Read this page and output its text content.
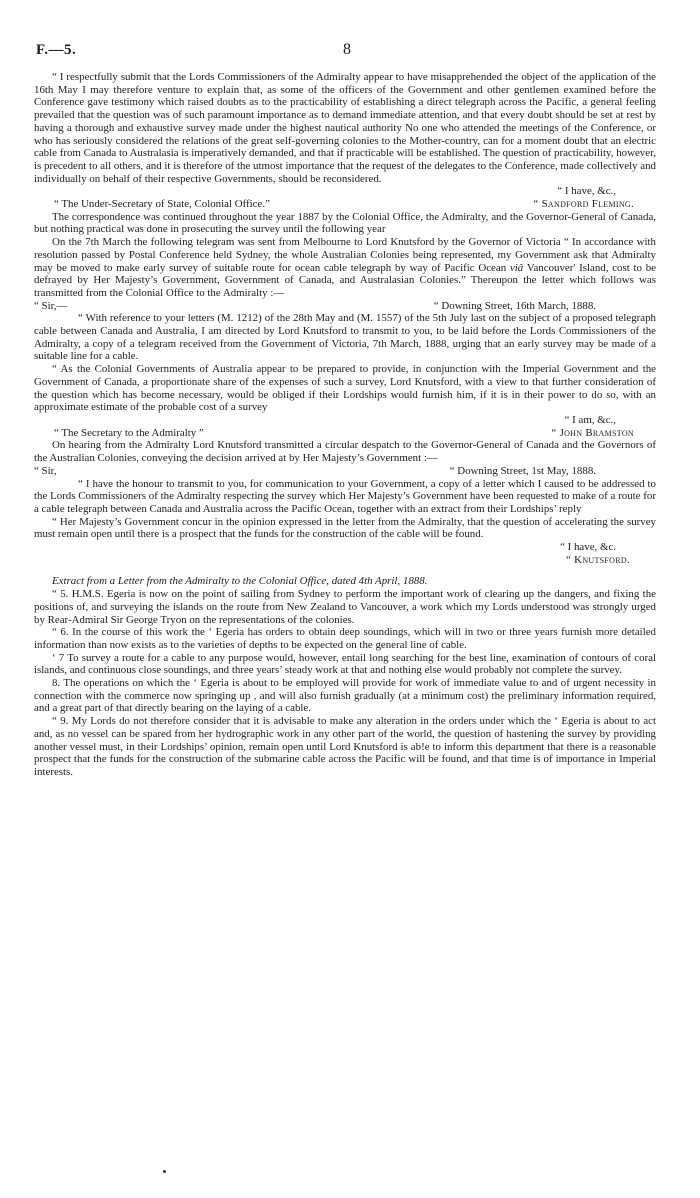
F.—5.	8

“ I respectfully submit that the Lords Commissioners of the Admiralty appear to have misapprehended the object of the application of the 16th May I may therefore venture to explain that, as some of the officers of the Government and other gentlemen examined before the Conference gave testimony which raised doubts as to the practicability of establishing a direct telegraph across the Pacific, a general feeling prevailed that the question was of such paramount importance as to demand immediate attention, and that every doubt should be set at rest by having a thorough and exhaustive survey made under the highest nautical authority No one who attended the meetings of the Conference, or who has seriously considered the relations of the great self-governing colonies to the Mother-country, can for a moment doubt that an electric cable from Canada to Australasia is imperatively demanded, and that if practicable will be established. The question of practicability, however, is precedent to all others, and it is therefore of the utmost importance that the request of the delegates to the Conference, made collectively and individually on behalf of their respective Governments, should be reconsidered.

“ I have, &c.,

“ The Under-Secretary of State, Colonial Office.”	“ Sandford Fleming.

The correspondence was continued throughout the year 1887 by the Colonial Office, the Admiralty, and the Governor-General of Canada, but nothing practical was done in prosecuting the survey until the following year

On the 7th March the following telegram was sent from Melbourne to Lord Knutsford by the Governor of Victoria “ In accordance with resolution passed by Postal Conference held Sydney, the whole Australian Colonies being represented, my Government ask that Admiralty may be moved to make early survey of suitable route for ocean cable telegraph by way of Pacific Ocean viâ Vancouver' Island, cost to be defrayed by Her Majesty’s Government, Government of Canada, and Australasian Colonies.” Thereupon the letter which follows was transmitted from the Colonial Office to the Admiralty :—

“ Sir,—	“ Downing Street, 16th March, 1888.

“ With reference to your letters (M. 1212) of the 28th May and (M. 1557) of the 5th July last on the subject of a proposed telegraph cable between Canada and Australia, I am directed by Lord Knutsford to transmit to you, to be laid before the Lords Commissioners of the Admiralty, a copy of a telegram received from the Government of Victoria, 7th March, 1888, urging that an early survey may be made of a suitable line for a cable.

“ As the Colonial Governments of Australia appear to be prepared to provide, in conjunction with the Imperial Government and the Government of Canada, a proportionate share of the expenses of such a survey, Lord Knutsford, with a view to that further consideration of the question which has become necessary, would be obliged if their Lordships would furnish him, if it is in their power to do so, with an approximate estimate of the probable cost of a survey

“ I am, &c.,

“ The Secretary to the Admiralty ”	“ John Bramston

On hearing from the Admiralty Lord Knutsford transmitted a circular despatch to the Governor-General of Canada and the Governors of the Australian Colonies, conveying the decision arrived at by Her Majesty’s Government :—

“ Sir,	“ Downing Street, 1st May, 1888.

“ I have the honour to transmit to you, for communication to your Government, a copy of a letter which I caused to be addressed to the Lords Commissioners of the Admiralty respecting the survey which Her Majesty’s Government have been requested to make of a route for a cable telegraph between Canada and Australia across the Pacific Ocean, together with an extract from their Lordships’ reply

“ Her Majesty’s Government concur in the opinion expressed in the letter from the Admiralty, that the question of accelerating the survey must remain open until there is a prospect that the funds for the construction of the cable will be found.

“ I have, &c.

“ Knutsford.

Extract from a Letter from the Admiralty to the Colonial Office, dated 4th April, 1888.

“ 5. H.M.S. Egeria is now on the point of sailing from Sydney to perform the important work of clearing up the dangers, and fixing the positions of, and surveying the islands on the route from New Zealand to Vancouver, a work which my Lords understood was strongly urged by Rear-Admiral Sir George Tryon on the representations of the colonies.

“ 6. In the course of this work the ‘ Egeria has orders to obtain deep soundings, which will in two or three years furnish more detailed information than now exists as to the varieties of depths to be expected on the general line of cable.

‘ 7 To survey a route for a cable to any purpose would, however, entail long searching for the best line, examination of contours of coral islands, and continuous close soundings, and three years’ steady work at that and nothing else would probably not complete the survey.

8. The operations on which the ‘ Egeria is about to be employed will provide for work of immediate value to and of urgent necessity in connection with the commerce now springing up , and will also furnish gradually (at a minimum cost) the preliminary information required, and a great part of that directly bearing on the laying of a cable.

“ 9. My Lords do not therefore consider that it is advisable to make any alteration in the orders under which the ‘ Egeria is about to act and, as no vessel can be spared from her hydrographic work in any other part of the world, the question of hastening the survey by providing another vessel must, in their Lordships’ opinion, remain open until Lord Knutsford is ab!e to inform this department that there is a reasonable prospect that the funds for the construction of the submarine cable across the Pacific will be found, and that time is of importance in Imperial interests.
